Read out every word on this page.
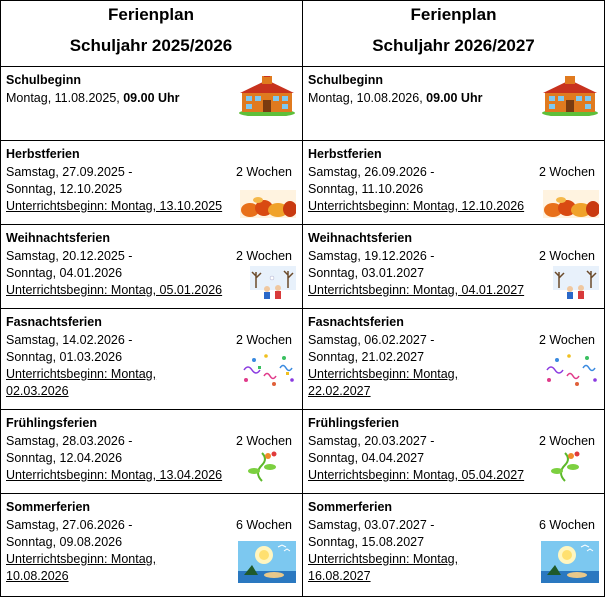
Ferienplan
Schuljahr 2025/2026
Schulbeginn
Montag, 11.08.2025, 09.00 Uhr
Herbstferien
Samstag, 27.09.2025 -
Sonntag, 12.10.2025
Unterrichtsbeginn: Montag, 13.10.2025
2 Wochen
Weihnachtsferien
Samstag, 20.12.2025 -
Sonntag, 04.01.2026
Unterrichtsbeginn: Montag, 05.01.2026
2 Wochen
Fasnachtsferien
Samstag, 14.02.2026 -
Sonntag, 01.03.2026
Unterrichtsbeginn: Montag,
02.03.2026
2 Wochen
Frühlingsferien
Samstag, 28.03.2026 -
Sonntag, 12.04.2026
Unterrichtsbeginn: Montag, 13.04.2026
2 Wochen
Sommerferien
Samstag, 27.06.2026 -
Sonntag, 09.08.2026
Unterrichtsbeginn: Montag,
10.08.2026
6 Wochen
Ferienplan
Schuljahr 2026/2027
Schulbeginn
Montag, 10.08.2026, 09.00 Uhr
Herbstferien
Samstag, 26.09.2026 -
Sonntag, 11.10.2026
Unterrichtsbeginn: Montag, 12.10.2026
2 Wochen
Weihnachtsferien
Samstag, 19.12.2026 -
Sonntag, 03.01.2027
Unterrichtsbeginn: Montag, 04.01.2027
2 Wochen
Fasnachtsferien
Samstag, 06.02.2027 -
Sonntag, 21.02.2027
Unterrichtsbeginn: Montag,
22.02.2027
2 Wochen
Frühlingsferien
Samstag, 20.03.2027 -
Sonntag, 04.04.2027
Unterrichtsbeginn: Montag, 05.04.2027
2 Wochen
Sommerferien
Samstag, 03.07.2027 -
Sonntag, 15.08.2027
Unterrichtsbeginn: Montag,
16.08.2027
6 Wochen
